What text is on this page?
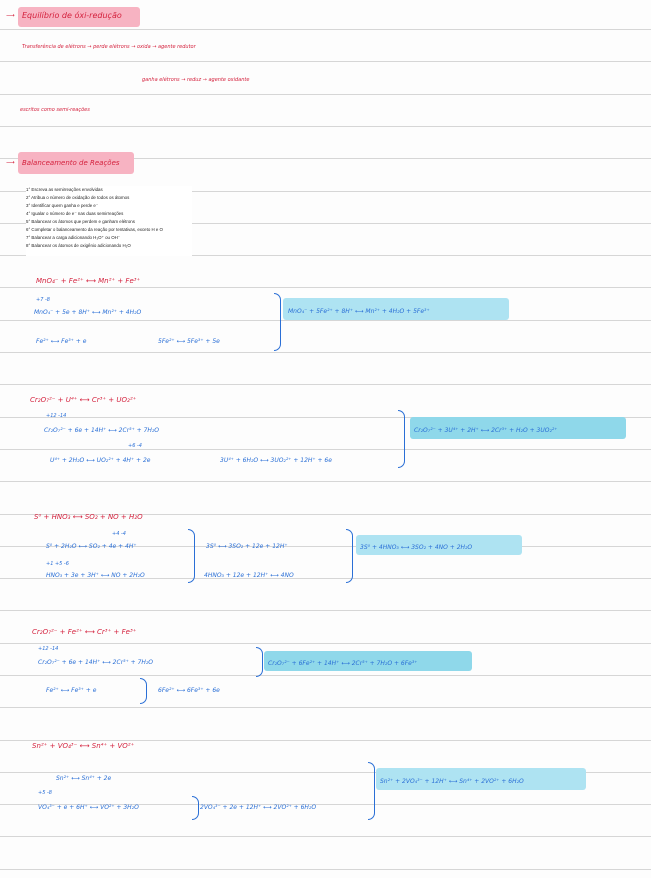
⟶ Equilíbrio de óxi-redução
Transferência de elétrons → perde elétrons → oxida → agente redutor
ganha elétrons → reduz → agente oxidante
escritos como semi-reações
⟶ Balanceamento de Reações
1° Escreva as semirreações envolvidas
2° Atribua o número de oxidação de todos os átomos
3° Identificar quem ganha e perde e⁻
4° Igualar o número de e⁻ nas duas semirreações
5° Balancear os átomos que perdem e ganham elétrons
6° Completar o balanceamento da reação por tentativas, exceto H e O
7° Balancear a carga adicionando H₃O⁺ ou OH⁻
8° Balancear os átomos de oxigênio adicionando H₂O
MnO₄⁻ + Fe²⁺ ⟷ Mn²⁺ + Fe³⁺
+7 -8
MnO₄⁻ + 5e + 8H⁺ ⟷ Mn²⁺ + 4H₂O
Fe²⁺ ⟷ Fe³⁺ + e	5Fe²⁺ ⟷ 5Fe³⁺ + 5e
MnO₄⁻ + 5Fe²⁺ + 8H⁺ ⟷ Mn²⁺ + 4H₂O + 5Fe³⁺
Cr₂O₇²⁻ + U⁴⁺ ⟷ Cr³⁺ + UO₂²⁺
+12 -14
Cr₂O₇²⁻ + 6e + 14H⁺ ⟷ 2Cr³⁺ + 7H₂O
+6 -4
U⁴⁺ + 2H₂O ⟷ UO₂²⁺ + 4H⁺ + 2e	3U⁴⁺ + 6H₂O ⟷ 3UO₂²⁺ + 12H⁺ + 6e
Cr₂O₇²⁻ + 3U⁴⁺ + 2H⁺ ⟷ 2Cr³⁺ + H₂O + 3UO₂²⁺
S⁰ + HNO₃ ⟷ SO₂ + NO + H₂O
+4 -4
S⁰ + 2H₂O ⟷ SO₂ + 4e + 4H⁺	3S⁰ ⟷ 3SO₂ + 12e + 12H⁺
+1 +5 -6
HNO₃ + 3e + 3H⁺ ⟷ NO + 2H₂O	4HNO₃ + 12e + 12H⁺ ⟷ 4NO
3S⁰ + 4HNO₃ ⟷ 3SO₂ + 4NO + 2H₂O
Cr₂O₇²⁻ + Fe²⁺ ⟷ Cr³⁺ + Fe³⁺
+12 -14
Cr₂O₇²⁻ + 6e + 14H⁺ ⟷ 2Cr³⁺ + 7H₂O
Fe²⁺ ⟷ Fe³⁺ + e	6Fe²⁺ ⟷ 6Fe³⁺ + 6e
Cr₂O₇²⁻ + 6Fe²⁺ + 14H⁺ ⟷ 2Cr³⁺ + 7H₂O + 6Fe³⁺
Sn²⁺ + VO₄³⁻ ⟷ Sn⁴⁺ + VO²⁺
Sn²⁺ ⟷ Sn⁴⁺ + 2e
+5 -8
VO₄³⁻ + e + 6H⁺ ⟷ VO²⁺ + 3H₂O	2VO₄³⁻ + 2e + 12H⁺ ⟷ 2VO²⁺ + 6H₂O
Sn²⁺ + 2VO₄³⁻ + 12H⁺ ⟷ Sn⁴⁺ + 2VO²⁺ + 6H₂O
